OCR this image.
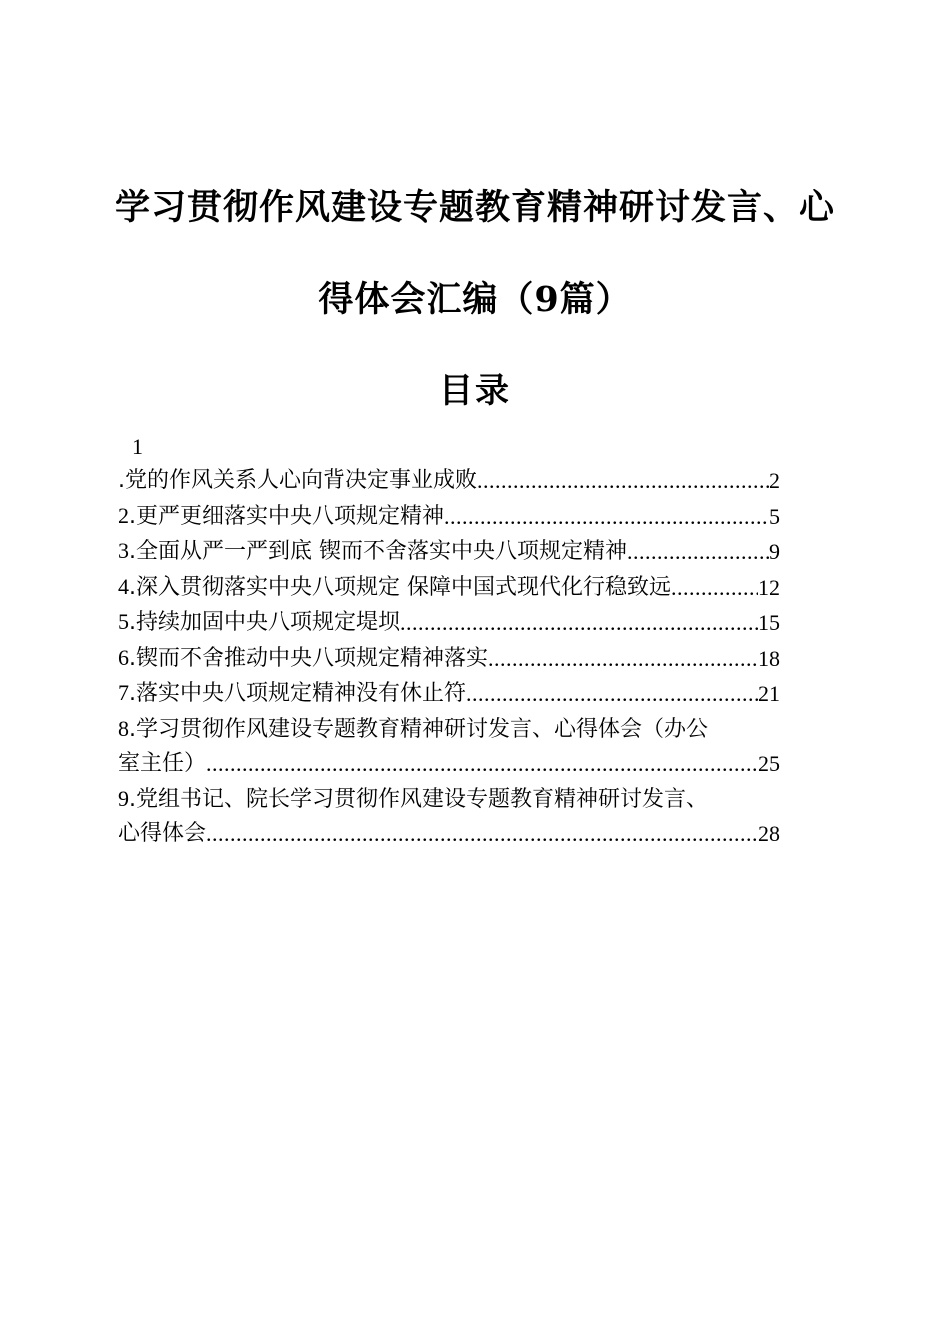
学习贯彻作风建设专题教育精神研讨发言、心
得体会汇编（9篇）
目录
1
.党的作风关系人心向背决定事业成败 .....	2
2.更严更细落实中央八项规定精神 .....	5
3.全面从严一严到底 锲而不舍落实中央八项规定精神 .....	9
4.深入贯彻落实中央八项规定 保障中国式现代化行稳致远 .....	12
5.持续加固中央八项规定堤坝 .....	15
6.锲而不舍推动中央八项规定精神落实 .....	18
7.落实中央八项规定精神没有休止符 .....	21
8.学习贯彻作风建设专题教育精神研讨发言、心得体会（办公
室主任） .....	25
9.党组书记、院长学习贯彻作风建设专题教育精神研讨发言、
心得体会 .....	28
